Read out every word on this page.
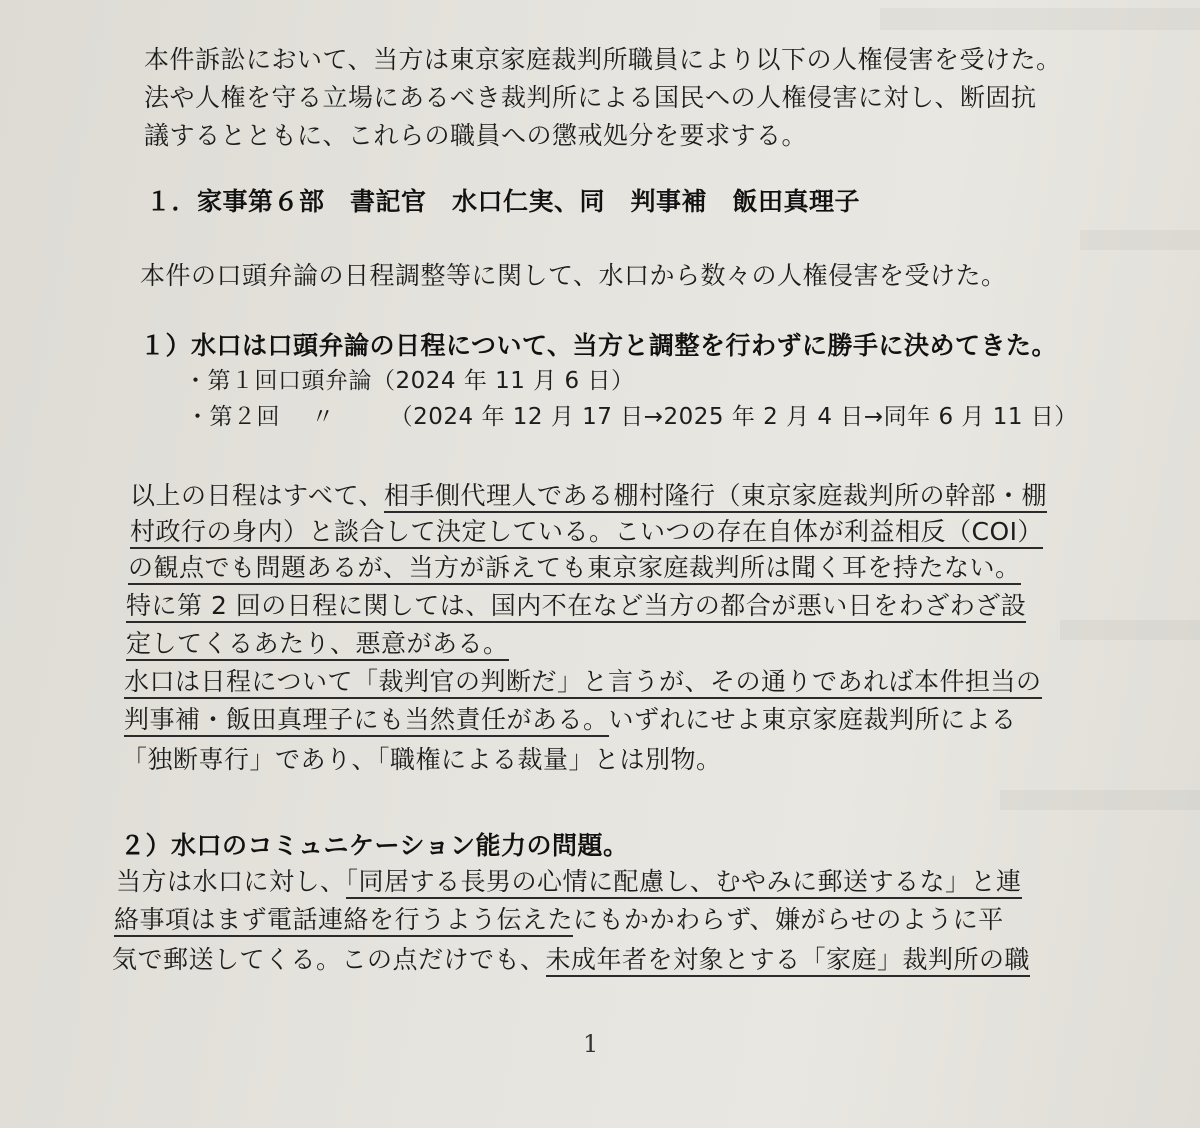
本件訴訟において、当方は東京家庭裁判所職員により以下の人権侵害を受けた。
法や人権を守る立場にあるべき裁判所による国民への人権侵害に対し、断固抗
議するとともに、これらの職員への懲戒処分を要求する。
１．家事第６部　書記官　水口仁実、同　判事補　飯田真理子
本件の口頭弁論の日程調整等に関して、水口から数々の人権侵害を受けた。
１）水口は口頭弁論の日程について、当方と調整を行わずに勝手に決めてきた。
・第１回口頭弁論（2024 年 11 月 6 日）
・第２回　 〃　　 （2024 年 12 月 17 日→2025 年 2 月 4 日→同年 6 月 11 日）
以上の日程はすべて、相手側代理人である棚村隆行（東京家庭裁判所の幹部・棚
村政行の身内）と談合して決定している。こいつの存在自体が利益相反（COI）
の観点でも問題あるが、当方が訴えても東京家庭裁判所は聞く耳を持たない。
特に第 2 回の日程に関しては、国内不在など当方の都合が悪い日をわざわざ設
定してくるあたり、悪意がある。
水口は日程について「裁判官の判断だ」と言うが、その通りであれば本件担当の
判事補・飯田真理子にも当然責任がある。いずれにせよ東京家庭裁判所による
「独断専行」であり、「職権による裁量」とは別物。
２）水口のコミュニケーション能力の問題。
当方は水口に対し、「同居する長男の心情に配慮し、むやみに郵送するな」と連
絡事項はまず電話連絡を行うよう伝えたにもかかわらず、嫌がらせのように平
気で郵送してくる。この点だけでも、未成年者を対象とする「家庭」裁判所の職
1
